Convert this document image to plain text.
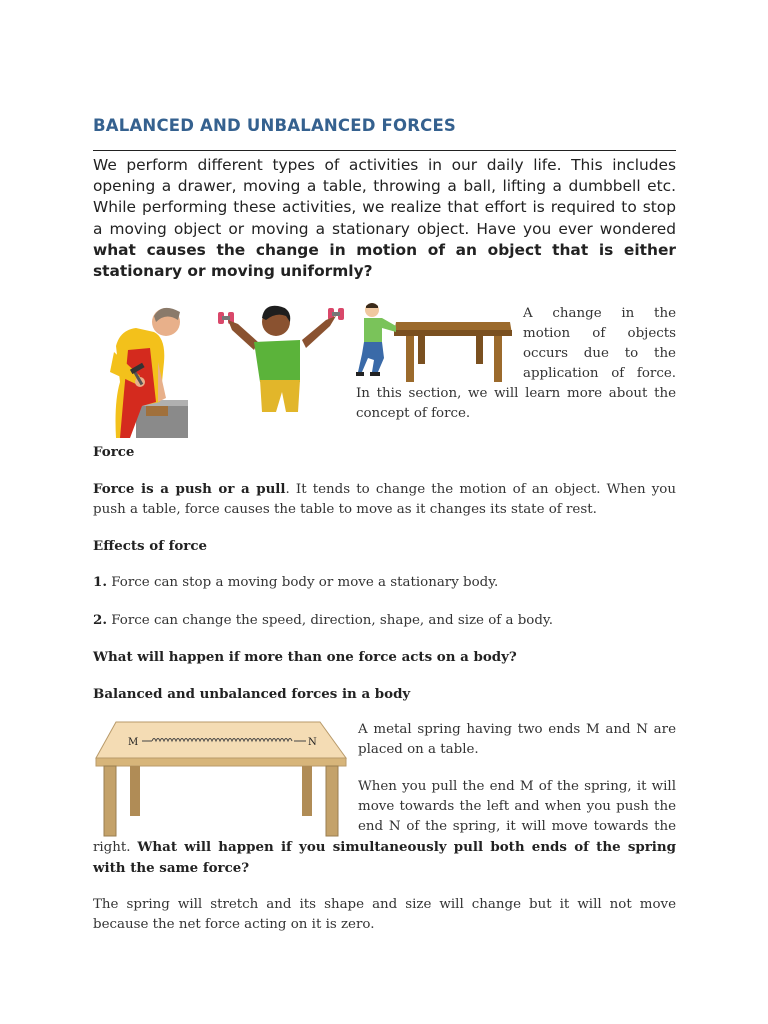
BALANCED AND UNBALANCED FORCES

We perform different types of activities in our daily life. This includes opening a drawer, moving a table, throwing a ball, lifting a dumbbell etc. While performing these activities, we realize that effort is required to stop a moving object or moving a stationary object. Have you ever wondered what causes the change in motion of an object that is either stationary or moving uniformly?

A change in the motion of objects occurs due to the application of force. In this section, we will learn more about the concept of force.

Force

Force is a push or a pull. It tends to change the motion of an object. When you push a table, force causes the table to move as it changes its state of rest.

Effects of force

1. Force can stop a moving body or move a stationary body.

2. Force can change the speed, direction, shape, and size of a body.

What will happen if more than one force acts on a body?

Balanced and unbalanced forces in a body

M	N

A metal spring having two ends M and N are placed on a table.

When you pull the end M of the spring, it will move towards the left and when you push the end N of the spring, it will move towards the right. What will happen if you simultaneously pull both ends of the spring with the same force?

The spring will stretch and its shape and size will change but it will not move because the net force acting on it is zero.
